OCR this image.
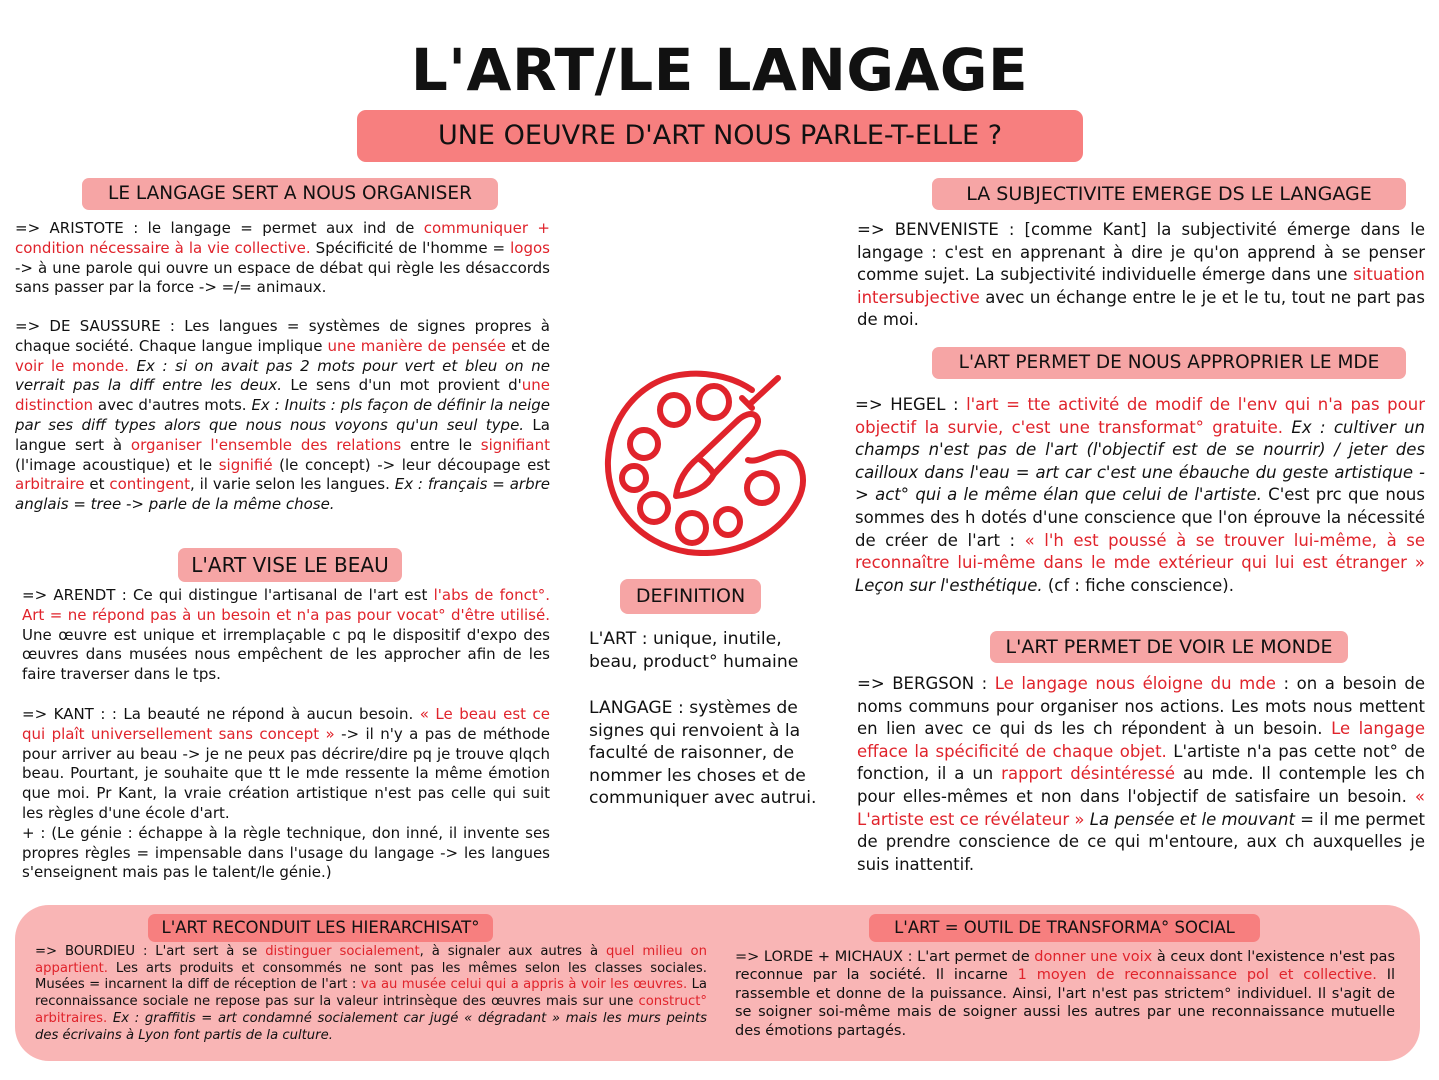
L'ART/LE LANGAGE
UNE OEUVRE D'ART NOUS PARLE-T-ELLE ?
LE LANGAGE SERT A NOUS ORGANISER

=> ARISTOTE : le langage = permet aux ind de communiquer + condition nécessaire à la vie collective. Spécificité de l'homme = logos -> à une parole qui ouvre un espace de débat qui règle les désaccords sans passer par la force -> =/= animaux.

=> DE SAUSSURE : Les langues = systèmes de signes propres à chaque société. Chaque langue implique une manière de pensée et de voir le monde. Ex : si on avait pas 2 mots pour vert et bleu on ne verrait pas la diff entre les deux. Le sens d'un mot provient d'une distinction avec d'autres mots. Ex : Inuits : pls façon de définir la neige par ses diff types alors que nous nous voyons qu'un seul type. La langue sert à organiser l'ensemble des relations entre le signifiant (l'image acoustique) et le signifié (le concept) -> leur découpage est arbitraire et contingent, il varie selon les langues. Ex : français = arbre anglais = tree -> parle de la même chose.

L'ART VISE LE BEAU

=> ARENDT : Ce qui distingue l'artisanal de l'art est l'abs de fonct°. Art = ne répond pas à un besoin et n'a pas pour vocat° d'être utilisé. Une œuvre est unique et irremplaçable c pq le dispositif d'expo des œuvres dans musées nous empêchent de les approcher afin de les faire traverser dans le tps.

=> KANT : : La beauté ne répond à aucun besoin. « Le beau est ce qui plaît universellement sans concept » -> il n'y a pas de méthode pour arriver au beau -> je ne peux pas décrire/dire pq je trouve qlqch beau. Pourtant, je souhaite que tt le mde ressente la même émotion que moi. Pr Kant, la vraie création artistique n'est pas celle qui suit les règles d'une école d'art.

+ : (Le génie : échappe à la règle technique, don inné, il invente ses propres règles = impensable dans l'usage du langage -> les langues s'enseignent mais pas le talent/le génie.)

DEFINITION
L'ART : unique, inutile, beau, product° humaine
LANGAGE : systèmes de signes qui renvoient à la faculté de raisonner, de nommer les choses et de communiquer avec autrui.
LA SUBJECTIVITE EMERGE DS LE LANGAGE

=> BENVENISTE : [comme Kant] la subjectivité émerge dans le langage : c'est en apprenant à dire je qu'on apprend à se penser comme sujet. La subjectivité individuelle émerge dans une situation intersubjective avec un échange entre le je et le tu, tout ne part pas de moi.

L'ART PERMET DE NOUS APPROPRIER LE MDE

=> HEGEL : l'art = tte activité de modif de l'env qui n'a pas pour objectif la survie, c'est une transformat° gratuite. Ex : cultiver un champs n'est pas de l'art (l'objectif est de se nourrir) / jeter des cailloux dans l'eau = art car c'est une ébauche du geste artistique -> act° qui a le même élan que celui de l'artiste. C'est prc que nous sommes des h dotés d'une conscience que l'on éprouve la nécessité de créer de l'art : « l'h est poussé à se trouver lui-même, à se reconnaître lui-même dans le mde extérieur qui lui est étranger » Leçon sur l'esthétique. (cf : fiche conscience).

L'ART PERMET DE VOIR LE MONDE

=> BERGSON : Le langage nous éloigne du mde : on a besoin de noms communs pour organiser nos actions. Les mots nous mettent en lien avec ce qui ds les ch répondent à un besoin. Le langage efface la spécificité de chaque objet. L'artiste n'a pas cette not° de fonction, il a un rapport désintéressé au mde. Il contemple les ch pour elles-mêmes et non dans l'objectif de satisfaire un besoin. « L'artiste est ce révélateur » La pensée et le mouvant = il me permet de prendre conscience de ce qui m'entoure, aux ch auxquelles je suis inattentif.

L'ART RECONDUIT LES HIERARCHISAT°

=> BOURDIEU : L'art sert à se distinguer socialement, à signaler aux autres à quel milieu on appartient. Les arts produits et consommés ne sont pas les mêmes selon les classes sociales. Musées = incarnent la diff de réception de l'art : va au musée celui qui a appris à voir les œuvres. La reconnaissance sociale ne repose pas sur la valeur intrinsèque des œuvres mais sur une construct° arbitraires. Ex : graffitis = art condamné socialement car jugé « dégradant » mais les murs peints des écrivains à Lyon font partis de la culture.

L'ART = OUTIL DE TRANSFORMA° SOCIAL

=> LORDE + MICHAUX : L'art permet de donner une voix à ceux dont l'existence n'est pas reconnue par la société. Il incarne 1 moyen de reconnaissance pol et collective. Il rassemble et donne de la puissance. Ainsi, l'art n'est pas strictem° individuel. Il s'agit de se soigner soi-même mais de soigner aussi les autres par une reconnaissance mutuelle des émotions partagés.
